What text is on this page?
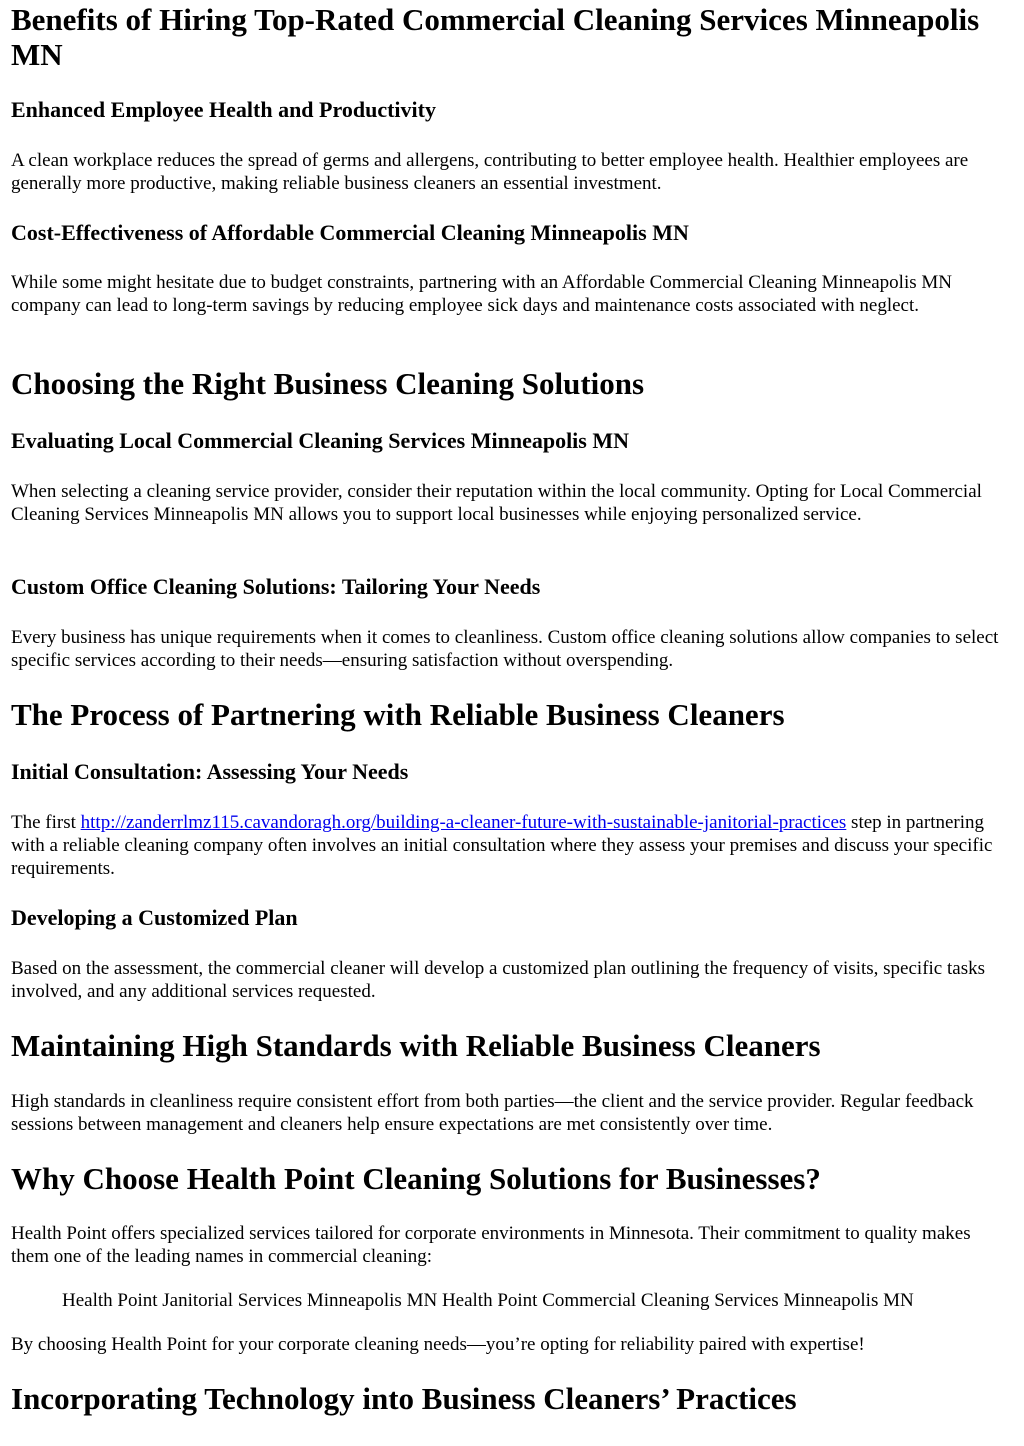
Benefits of Hiring Top-Rated Commercial Cleaning Services Minneapolis MN
Enhanced Employee Health and Productivity

A clean workplace reduces the spread of germs and allergens, contributing to better employee health. Healthier employees are generally more productive, making reliable business cleaners an essential investment.

Cost-Effectiveness of Affordable Commercial Cleaning Minneapolis MN

While some might hesitate due to budget constraints, partnering with an Affordable Commercial Cleaning Minneapolis MN company can lead to long-term savings by reducing employee sick days and maintenance costs associated with neglect.

Choosing the Right Business Cleaning Solutions
Evaluating Local Commercial Cleaning Services Minneapolis MN

When selecting a cleaning service provider, consider their reputation within the local community. Opting for Local Commercial Cleaning Services Minneapolis MN allows you to support local businesses while enjoying personalized service.

Custom Office Cleaning Solutions: Tailoring Your Needs

Every business has unique requirements when it comes to cleanliness. Custom office cleaning solutions allow companies to select specific services according to their needs—ensuring satisfaction without overspending.

The Process of Partnering with Reliable Business Cleaners
Initial Consultation: Assessing Your Needs

The first http://zanderrlmz115.cavandoragh.org/building-a-cleaner-future-with-sustainable-janitorial-practices step in partnering with a reliable cleaning company often involves an initial consultation where they assess your premises and discuss your specific requirements.

Developing a Customized Plan

Based on the assessment, the commercial cleaner will develop a customized plan outlining the frequency of visits, specific tasks involved, and any additional services requested.

Maintaining High Standards with Reliable Business Cleaners

High standards in cleanliness require consistent effort from both parties—the client and the service provider. Regular feedback sessions between management and cleaners help ensure expectations are met consistently over time.

Why Choose Health Point Cleaning Solutions for Businesses?

Health Point offers specialized services tailored for corporate environments in Minnesota. Their commitment to quality makes them one of the leading names in commercial cleaning:

Health Point Janitorial Services Minneapolis MN Health Point Commercial Cleaning Services Minneapolis MN

By choosing Health Point for your corporate cleaning needs—you’re opting for reliability paired with expertise!

Incorporating Technology into Business Cleaners’ Practices
